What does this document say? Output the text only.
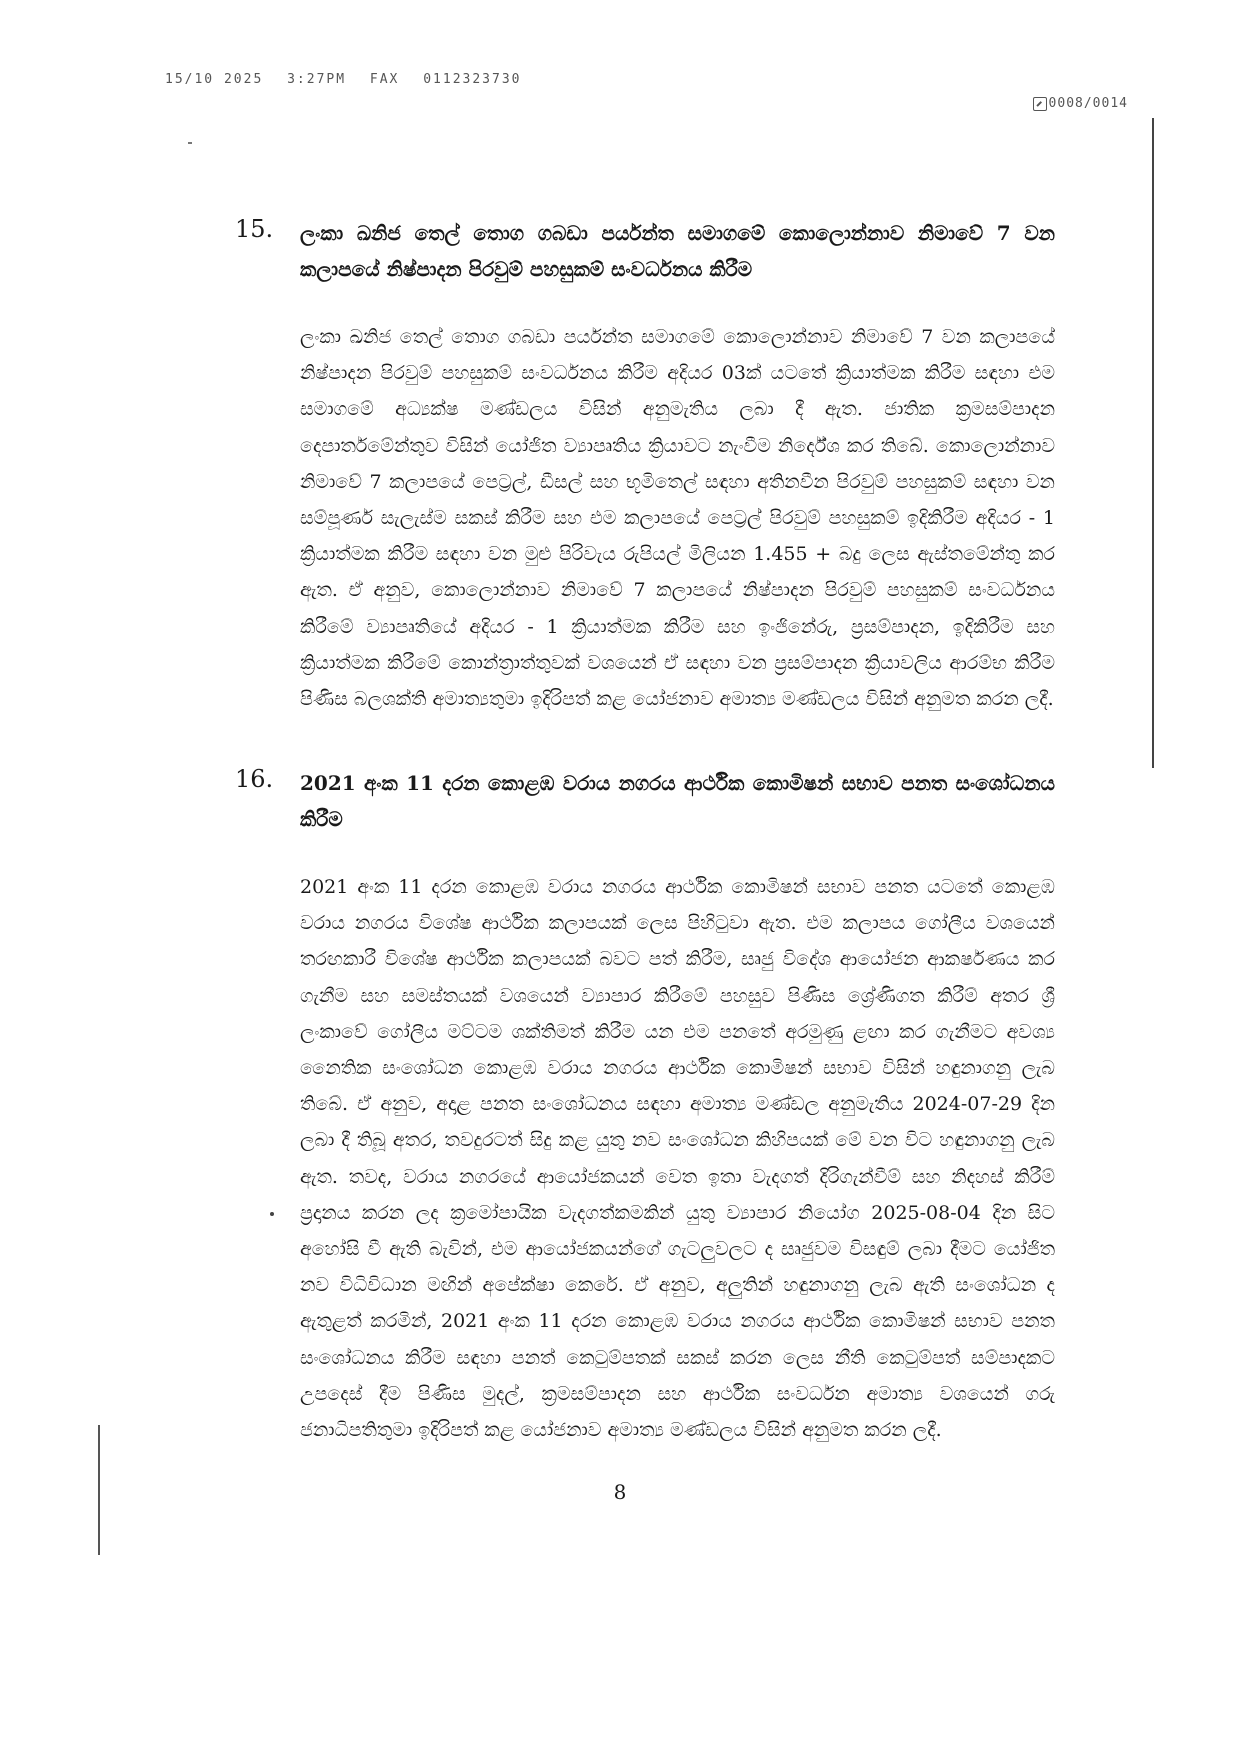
15/10 2025 3:27PM FAX 0112323730
0008/0014
15. ලංකා ඛනිජ තෙල් තොග ගබඩා පර්යන්ත සමාගමේ කොලොන්නාව නිමාවේ 7 වන කලාපයේ නිෂ්පාදන පිරවුම් පහසුකම් සංවර්ධනය කිරීම
ලංකා ඛනිජ තෙල් තොග ගබඩා පර්යන්ත සමාගමේ කොලොන්නාව නිමාවේ 7 වන කලාපයේ නිෂ්පාදන පිරවුම් පහසුකම් සංවර්ධනය කිරීම අදියර 03ක් යටතේ ක්‍රියාත්මක කිරීම සඳහා එම සමාගමේ අධ්‍යක්ෂ මණ්ඩලය විසින් අනුමැතිය ලබා දී ඇත. ජාතික ක්‍රමසම්පාදන දෙපාර්තමේන්තුව විසින් යෝජිත ව්‍යාපෘතිය ක්‍රියාවට නැංවීම නිර්දේශ කර තිබේ. කොලොන්නාව නිමාවේ 7 කලාපයේ පෙට්‍රල්, ඩීසල් සහ භූමිතෙල් සඳහා අතිනවීන පිරවුම් පහසුකම් සඳහා වන සම්පූර්ණ සැලැස්ම සකස් කිරීම සහ එම කලාපයේ පෙට්‍රල් පිරවුම් පහසුකම් ඉදිකිරීම අදියර - 1 ක්‍රියාත්මක කිරීම සඳහා වන මුළු පිරිවැය රුපියල් මිලියන 1.455 + බදු ලෙස ඇස්තමේන්තු කර ඇත. ඒ අනුව, කොලොන්නාව නිමාවේ 7 කලාපයේ නිෂ්පාදන පිරවුම් පහසුකම් සංවර්ධනය කිරීමේ ව්‍යාපෘතියේ අදියර - 1 ක්‍රියාත්මක කිරීම සහ ඉංජිනේරු, ප්‍රසම්පාදන, ඉදිකිරීම සහ ක්‍රියාත්මක කිරීමේ කොන්ත්‍රාත්තුවක් වශයෙන් ඒ සඳහා වන ප්‍රසම්පාදන ක්‍රියාවලිය ආරම්භ කිරීම පිණිස බලශක්ති අමාත්‍යතුමා ඉදිරිපත් කළ යෝජනාව අමාත්‍ය මණ්ඩලය විසින් අනුමත කරන ලදී.
16. 2021 අංක 11 දරන කොළඹ වරාය නගරය ආර්ථික කොමිෂන් සභාව පනත සංශෝධනය කිරීම
2021 අංක 11 දරන කොළඹ වරාය නගරය ආර්ථික කොමිෂන් සභාව පනත යටතේ කොළඹ වරාය නගරය විශේෂ ආර්ථික කලාපයක් ලෙස පිහිටුවා ඇත. එම කලාපය ගෝලීය වශයෙන් තරඟකාරී විශේෂ ආර්ථික කලාපයක් බවට පත් කිරීම, සෘජු විදේශ ආයෝජන ආකර්ෂණය කර ගැනීම සහ සමස්තයක් වශයෙන් ව්‍යාපාර කිරීමේ පහසුව පිණිස ශ්‍රේණිගත කිරීම් අතර ශ්‍රී ලංකාවේ ගෝලීය මට්ටම ශක්තිමත් කිරීම යන එම පනතේ අරමුණු ළඟා කර ගැනීමට අවශ්‍ය නෛතික සංශෝධන කොළඹ වරාය නගරය ආර්ථික කොමිෂන් සභාව විසින් හඳුනාගනු ලැබ තිබේ. ඒ අනුව, අදාළ පනත සංශෝධනය සඳහා අමාත්‍ය මණ්ඩල අනුමැතිය 2024-07-29 දින ලබා දී තිබූ අතර, තවදුරටත් සිදු කළ යුතු නව සංශෝධන කිහිපයක් මේ වන විට හඳුනාගනු ලැබ ඇත. තවද, වරාය නගරයේ ආයෝජකයන් වෙත ඉතා වැදගත් දිරිගැන්වීම් සහ නිදහස් කිරීම් ප්‍රදානය කරන ලද ක්‍රමෝපායික වැදගත්කමකින් යුතු ව්‍යාපාර නියෝග 2025-08-04 දින සිට අහෝසි වී ඇති බැවින්, එම ආයෝජකයන්ගේ ගැටලුවලට ද සෘජුවම විසඳුම් ලබා දීමට යෝජිත නව විධිවිධාන මඟින් අපේක්ෂා කෙරේ. ඒ අනුව, අලුතින් හඳුනාගනු ලැබ ඇති සංශෝධන ද ඇතුළත් කරමින්, 2021 අංක 11 දරන කොළඹ වරාය නගරය ආර්ථික කොමිෂන් සභාව පනත සංශෝධනය කිරීම සඳහා පනත් කෙටුම්පතක් සකස් කරන ලෙස නීති කෙටුම්පත් සම්පාදකට උපදෙස් දීම පිණිස මුදල්, ක්‍රමසම්පාදන සහ ආර්ථික සංවර්ධන අමාත්‍ය වශයෙන් ගරු ජනාධිපතිතුමා ඉදිරිපත් කළ යෝජනාව අමාත්‍ය මණ්ඩලය විසින් අනුමත කරන ලදී.
8
